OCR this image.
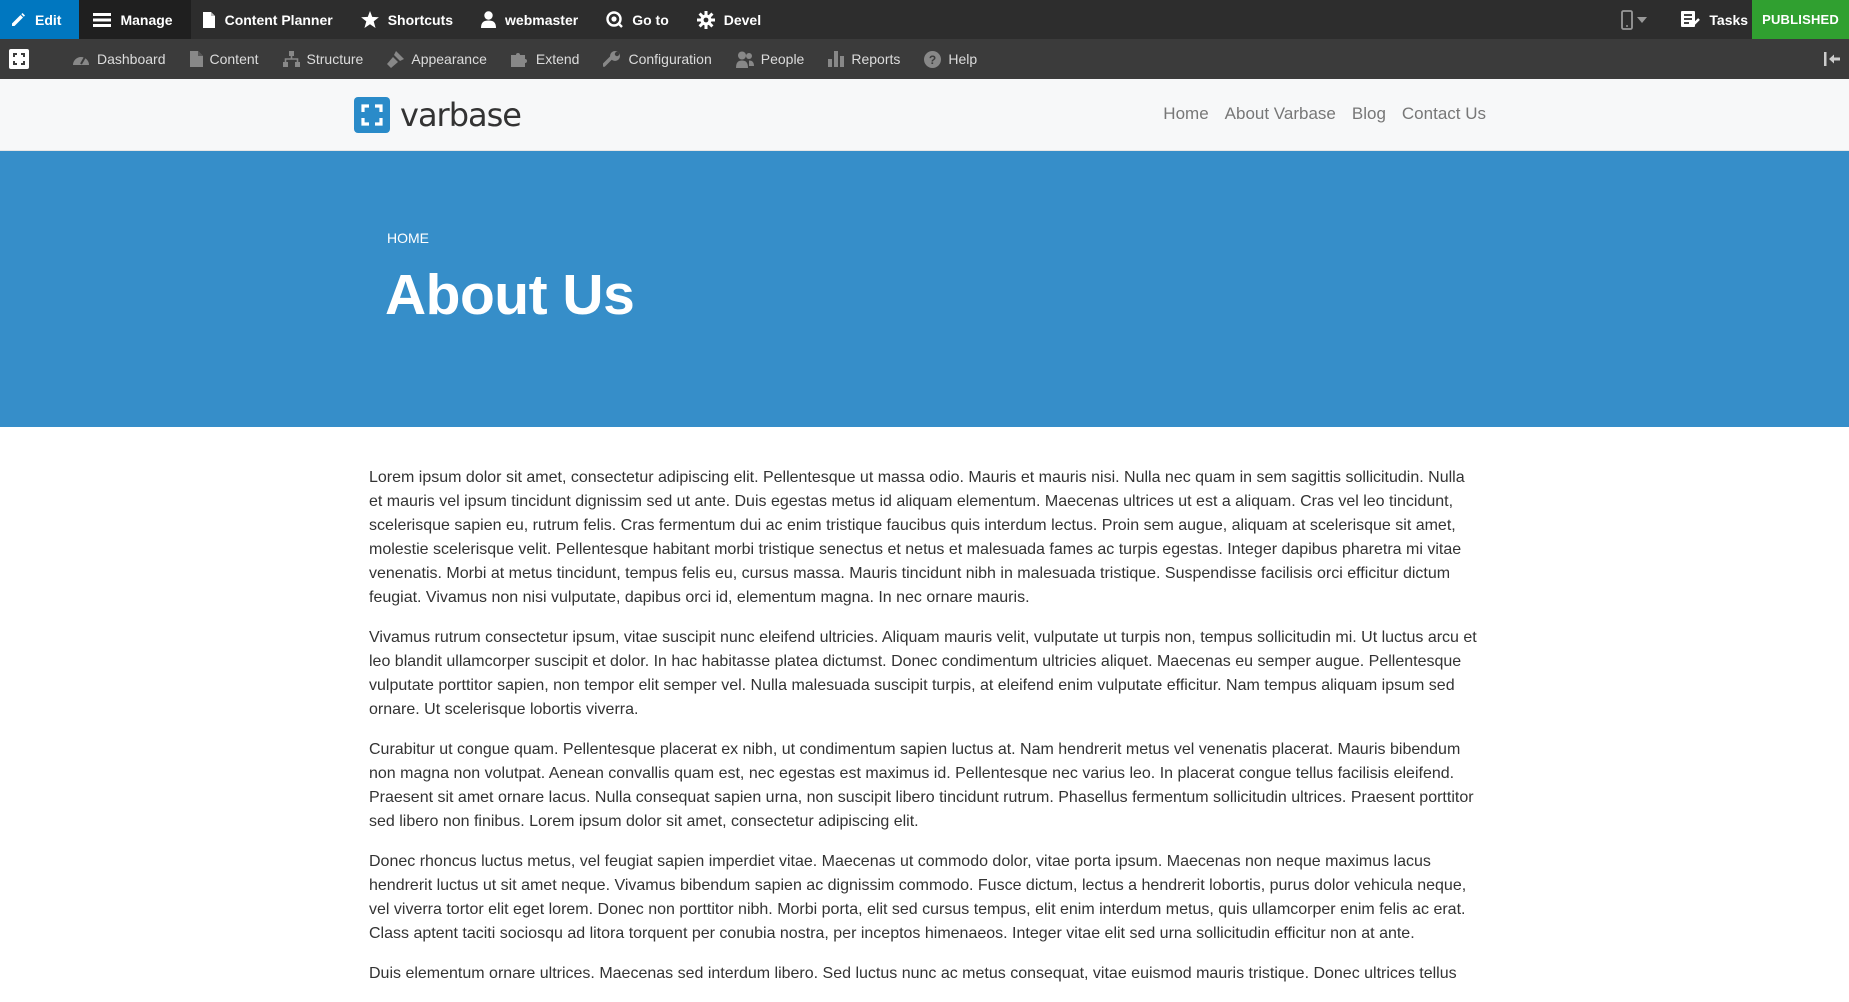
Edit	Manage	Content Planner	Shortcuts	webmaster	Go to	Devel	Tasks PUBLISHED
Dashboard	Content	Structure	Appearance	Extend	Configuration	People	Reports ? Help
varbase	Home About Varbase Blog Contact Us
HOME
About Us

Lorem ipsum dolor sit amet, consectetur adipiscing elit. Pellentesque ut massa odio. Mauris et mauris nisi. Nulla nec quam in sem sagittis sollicitudin. Nulla et mauris vel ipsum tincidunt dignissim sed ut ante. Duis egestas metus id aliquam elementum. Maecenas ultrices ut est a aliquam. Cras vel leo tincidunt, scelerisque sapien eu, rutrum felis. Cras fermentum dui ac enim tristique faucibus quis interdum lectus. Proin sem augue, aliquam at scelerisque sit amet, molestie scelerisque velit. Pellentesque habitant morbi tristique senectus et netus et malesuada fames ac turpis egestas. Integer dapibus pharetra mi vitae venenatis. Morbi at metus tincidunt, tempus felis eu, cursus massa. Mauris tincidunt nibh in malesuada tristique. Suspendisse facilisis orci efficitur dictum feugiat. Vivamus non nisi vulputate, dapibus orci id, elementum magna. In nec ornare mauris.

Vivamus rutrum consectetur ipsum, vitae suscipit nunc eleifend ultricies. Aliquam mauris velit, vulputate ut turpis non, tempus sollicitudin mi. Ut luctus arcu et leo blandit ullamcorper suscipit et dolor. In hac habitasse platea dictumst. Donec condimentum ultricies aliquet. Maecenas eu semper augue. Pellentesque vulputate porttitor sapien, non tempor elit semper vel. Nulla malesuada suscipit turpis, at eleifend enim vulputate efficitur. Nam tempus aliquam ipsum sed ornare. Ut scelerisque lobortis viverra.

Curabitur ut congue quam. Pellentesque placerat ex nibh, ut condimentum sapien luctus at. Nam hendrerit metus vel venenatis placerat. Mauris bibendum non magna non volutpat. Aenean convallis quam est, nec egestas est maximus id. Pellentesque nec varius leo. In placerat congue tellus facilisis eleifend. Praesent sit amet ornare lacus. Nulla consequat sapien urna, non suscipit libero tincidunt rutrum. Phasellus fermentum sollicitudin ultrices. Praesent porttitor sed libero non finibus. Lorem ipsum dolor sit amet, consectetur adipiscing elit.

Donec rhoncus luctus metus, vel feugiat sapien imperdiet vitae. Maecenas ut commodo dolor, vitae porta ipsum. Maecenas non neque maximus lacus hendrerit luctus ut sit amet neque. Vivamus bibendum sapien ac dignissim commodo. Fusce dictum, lectus a hendrerit lobortis, purus dolor vehicula neque, vel viverra tortor elit eget lorem. Donec non porttitor nibh. Morbi porta, elit sed cursus tempus, elit enim interdum metus, quis ullamcorper enim felis ac erat. Class aptent taciti sociosqu ad litora torquent per conubia nostra, per inceptos himenaeos. Integer vitae elit sed urna sollicitudin efficitur non at ante.

Duis elementum ornare ultrices. Maecenas sed interdum libero. Sed luctus nunc ac metus consequat, vitae euismod mauris tristique. Donec ultrices tellus
